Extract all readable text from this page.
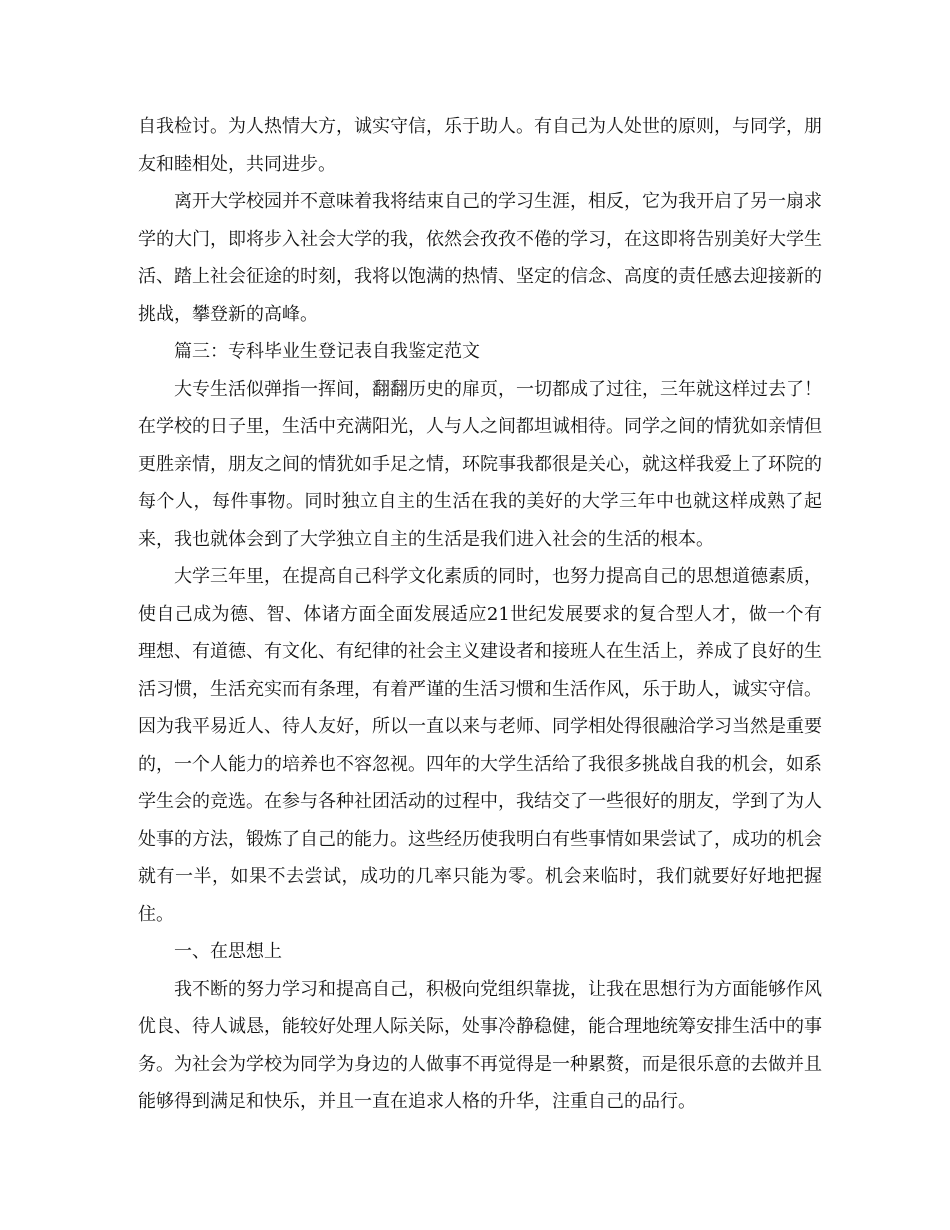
自我检讨。为人热情大方，诚实守信，乐于助人。有自己为人处世的原则，与同学，朋友和睦相处，共同进步。

离开大学校园并不意味着我将结束自己的学习生涯，相反，它为我开启了另一扇求学的大门，即将步入社会大学的我，依然会孜孜不倦的学习，在这即将告别美好大学生活、踏上社会征途的时刻，我将以饱满的热情、坚定的信念、高度的责任感去迎接新的挑战，攀登新的高峰。

篇三：专科毕业生登记表自我鉴定范文

大专生活似弹指一挥间，翻翻历史的扉页，一切都成了过往，三年就这样过去了！　在学校的日子里，生活中充满阳光，人与人之间都坦诚相待。同学之间的情犹如亲情但更胜亲情，朋友之间的情犹如手足之情，环院事我都很是关心，就这样我爱上了环院的每个人，每件事物。同时独立自主的生活在我的美好的大学三年中也就这样成熟了起来，我也就体会到了大学独立自主的生活是我们进入社会的生活的根本。

大学三年里，在提高自己科学文化素质的同时，也努力提高自己的思想道德素质，使自己成为德、智、体诸方面全面发展适应21世纪发展要求的复合型人才，做一个有理想、有道德、有文化、有纪律的社会主义建设者和接班人在生活上，养成了良好的生活习惯，生活充实而有条理，有着严谨的生活习惯和生活作风，乐于助人，诚实守信。因为我平易近人、待人友好，所以一直以来与老师、同学相处得很融洽学习当然是重要的，一个人能力的培养也不容忽视。四年的大学生活给了我很多挑战自我的机会，如系学生会的竞选。在参与各种社团活动的过程中，我结交了一些很好的朋友，学到了为人处事的方法，锻炼了自己的能力。这些经历使我明白有些事情如果尝试了，成功的机会就有一半，如果不去尝试，成功的几率只能为零。机会来临时，我们就要好好地把握住。

一、在思想上

我不断的努力学习和提高自己，积极向党组织靠拢，让我在思想行为方面能够作风优良、待人诚恳，能较好处理人际关际，处事冷静稳健，能合理地统筹安排生活中的事务。为社会为学校为同学为身边的人做事不再觉得是一种累赘，而是很乐意的去做并且能够得到满足和快乐，并且一直在追求人格的升华，注重自己的品行。
